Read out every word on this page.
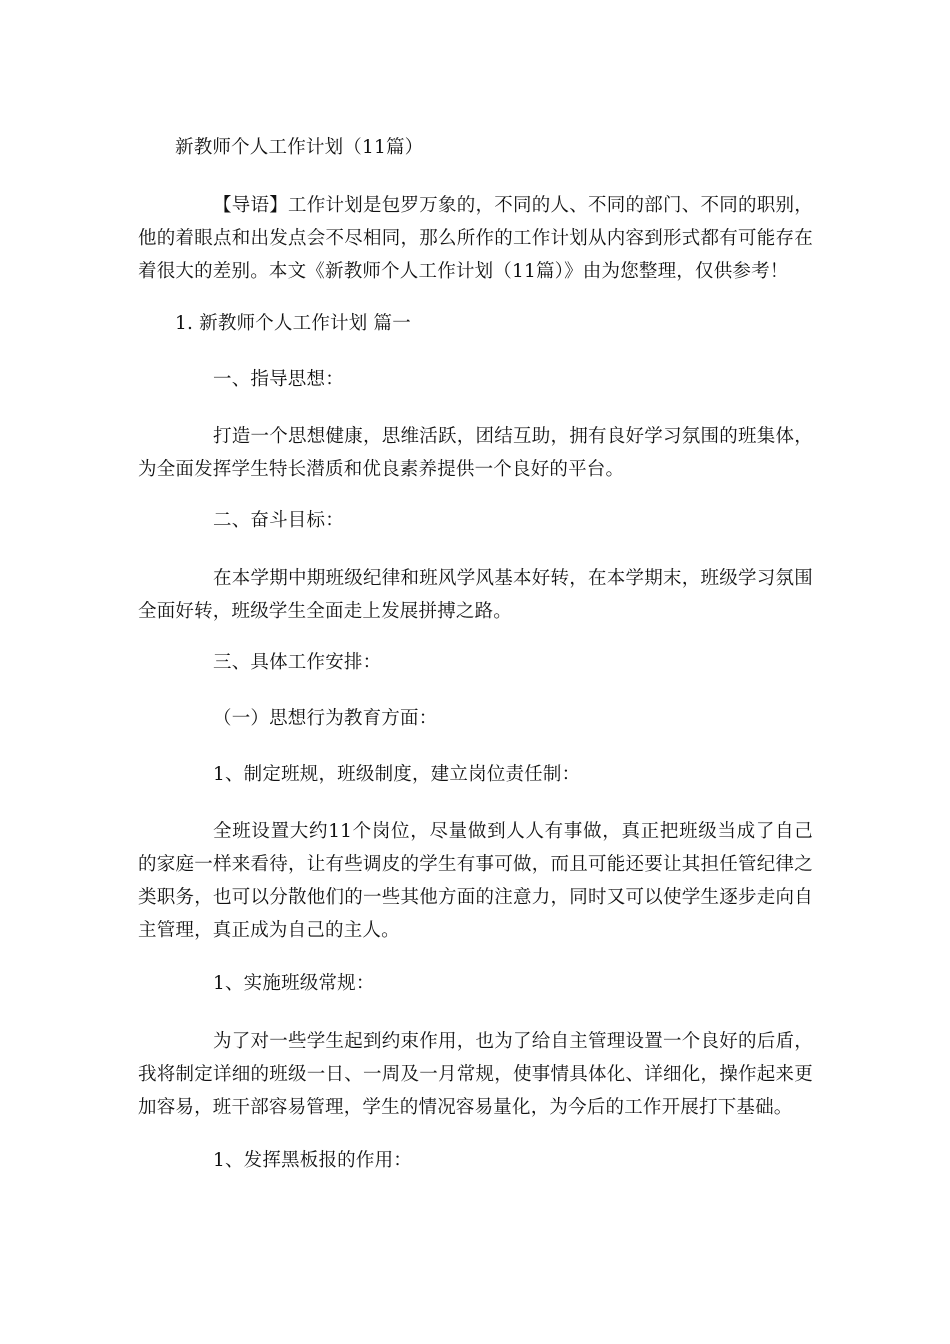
新教师个人工作计划（11篇）
【导语】工作计划是包罗万象的，不同的人、不同的部门、不同的职别，他的着眼点和出发点会不尽相同，那么所作的工作计划从内容到形式都有可能存在着很大的差别。本文《新教师个人工作计划（11篇）》由为您整理，仅供参考！
1. 新教师个人工作计划 篇一
一、指导思想：
打造一个思想健康，思维活跃，团结互助，拥有良好学习氛围的班集体，为全面发挥学生特长潜质和优良素养提供一个良好的平台。
二、奋斗目标：
在本学期中期班级纪律和班风学风基本好转，在本学期末，班级学习氛围全面好转，班级学生全面走上发展拼搏之路。
三、具体工作安排：
（一）思想行为教育方面：
1、制定班规，班级制度，建立岗位责任制：
全班设置大约11个岗位，尽量做到人人有事做，真正把班级当成了自己的家庭一样来看待，让有些调皮的学生有事可做，而且可能还要让其担任管纪律之类职务，也可以分散他们的一些其他方面的注意力，同时又可以使学生逐步走向自主管理，真正成为自己的主人。
1、实施班级常规：
为了对一些学生起到约束作用，也为了给自主管理设置一个良好的后盾，我将制定详细的班级一日、一周及一月常规，使事情具体化、详细化，操作起来更加容易，班干部容易管理，学生的情况容易量化，为今后的工作开展打下基础。
1、发挥黑板报的作用：
